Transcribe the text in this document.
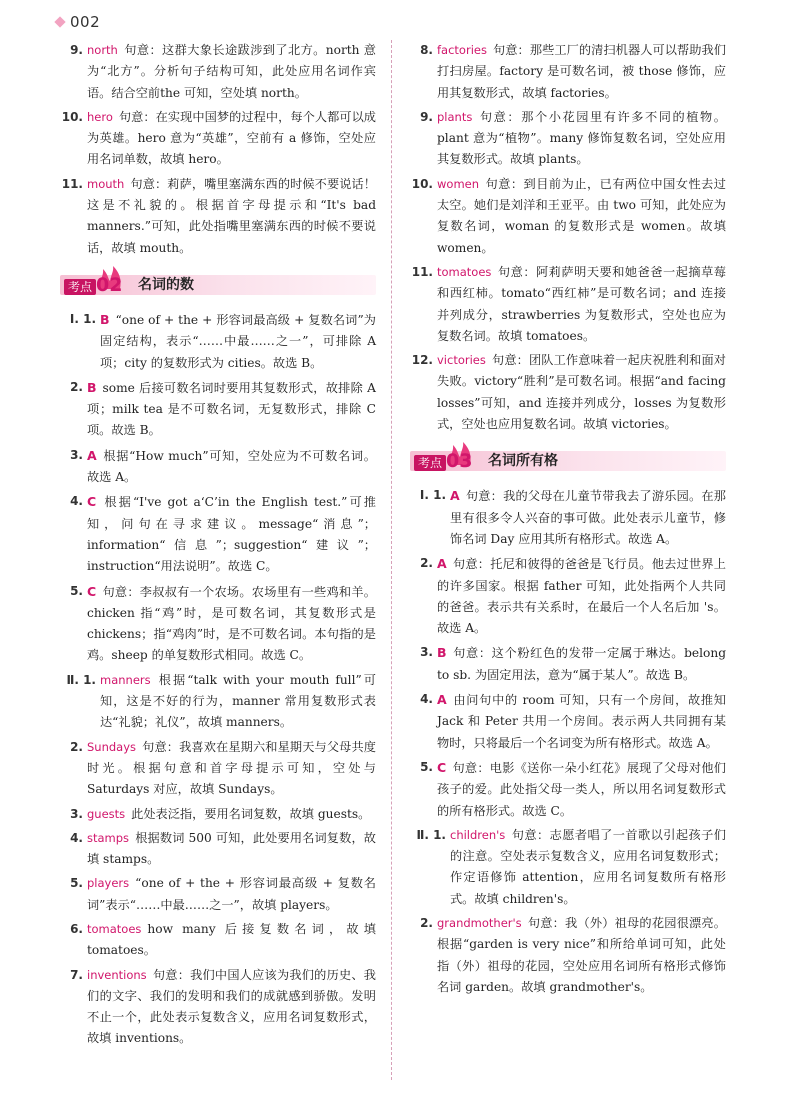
002
9. north 句意：这群大象长途跋涉到了北方。north 意为“北方”。分析句子结构可知，此处应用名词作宾语。结合空前the 可知，空处填 north。
10. hero 句意：在实现中国梦的过程中，每个人都可以成为英雄。hero 意为“英雄”，空前有 a 修饰，空处应用名词单数，故填 hero。
11. mouth 句意：莉萨，嘴里塞满东西的时候不要说话！这是不礼貌的。根据首字母提示和“It's bad manners.”可知，此处指嘴里塞满东西的时候不要说话，故填 mouth。
考点 02 名词的数
Ⅰ. 1. B “one of + the + 形容词最高级 + 复数名词”为固定结构，表示“……中最……之一”，可排除 A 项；city 的复数形式为 cities。故选 B。
2. B some 后接可数名词时要用其复数形式，故排除 A 项；milk tea 是不可数名词，无复数形式，排除 C项。故选 B。
3. A 根据“How much”可知，空处应为不可数名词。故选 A。
4. C 根据“I've got a‘C’in the English test.”可推知，问句在寻求建议。message“消息”；information“信息”；suggestion“建议”；instruction“用法说明”。故选 C。
5. C 句意：李叔叔有一个农场。农场里有一些鸡和羊。chicken 指“鸡”时，是可数名词，其复数形式是 chickens；指“鸡肉”时，是不可数名词。本句指的是鸡。sheep 的单复数形式相同。故选 C。
Ⅱ. 1. manners 根据“talk with your mouth full”可知，这是不好的行为，manner 常用复数形式表达“礼貌；礼仪”，故填 manners。
2. Sundays 句意：我喜欢在星期六和星期天与父母共度时光。根据句意和首字母提示可知，空处与 Saturdays 对应，故填 Sundays。
3. guests 此处表泛指，要用名词复数，故填 guests。
4. stamps 根据数词 500 可知，此处要用名词复数，故填 stamps。
5. players “one of + the + 形容词最高级 + 复数名词”表示“……中最……之一”，故填 players。
6. tomatoes how many 后接复数名词，故填 tomatoes。
7. inventions 句意：我们中国人应该为我们的历史、我们的文字、我们的发明和我们的成就感到骄傲。发明不止一个，此处表示复数含义，应用名词复数形式，故填 inventions。
8. factories 句意：那些工厂的清扫机器人可以帮助我们打扫房屋。factory 是可数名词，被 those 修饰，应用其复数形式，故填 factories。
9. plants 句意：那个小花园里有许多不同的植物。plant 意为“植物”。many 修饰复数名词，空处应用其复数形式。故填 plants。
10. women 句意：到目前为止，已有两位中国女性去过太空。她们是刘洋和王亚平。由 two 可知，此处应为复数名词，woman 的复数形式是 women。故填 women。
11. tomatoes 句意：阿莉萨明天要和她爸爸一起摘草莓和西红柿。tomato“西红柿”是可数名词；and 连接并列成分，strawberries 为复数形式，空处也应为复数名词。故填 tomatoes。
12. victories 句意：团队工作意味着一起庆祝胜利和面对失败。victory“胜利”是可数名词。根据“and facing losses”可知，and 连接并列成分，losses 为复数形式，空处也应用复数名词。故填 victories。
考点 03 名词所有格
Ⅰ. 1. A 句意：我的父母在儿童节带我去了游乐园。在那里有很多令人兴奋的事可做。此处表示儿童节，修饰名词 Day 应用其所有格形式。故选 A。
2. A 句意：托尼和彼得的爸爸是飞行员。他去过世界上的许多国家。根据 father 可知，此处指两个人共同的爸爸。表示共有关系时，在最后一个人名后加 's。故选 A。
3. B 句意：这个粉红色的发带一定属于琳达。belong to sb. 为固定用法，意为“属于某人”。故选 B。
4. A 由问句中的 room 可知，只有一个房间，故推知 Jack 和 Peter 共用一个房间。表示两人共同拥有某物时，只将最后一个名词变为所有格形式。故选 A。
5. C 句意：电影《送你一朵小红花》展现了父母对他们孩子的爱。此处指父母一类人，所以用名词复数形式的所有格形式。故选 C。
Ⅱ. 1. children's 句意：志愿者唱了一首歌以引起孩子们的注意。空处表示复数含义，应用名词复数形式；作定语修饰 attention，应用名词复数所有格形式。故填 children's。
2. grandmother's 句意：我（外）祖母的花园很漂亮。根据“garden is very nice”和所给单词可知，此处指（外）祖母的花园，空处应用名词所有格形式修饰名词 garden。故填 grandmother's。
